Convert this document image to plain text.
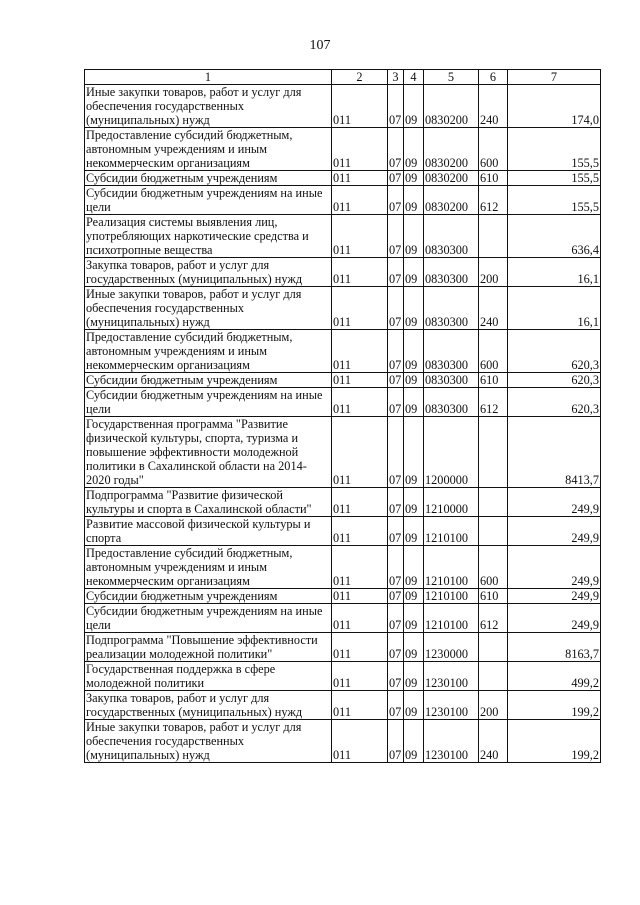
107
1	2	3	4	5	6	7
Иные закупки товаров, работ и услуг для обеспечения государственных (муниципальных) нужд	011	07	09	0830200	240	174,0
Предоставление субсидий бюджетным, автономным учреждениям и иным некоммерческим организациям	011	07	09	0830200	600	155,5
Субсидии бюджетным учреждениям	011	07	09	0830200	610	155,5
Субсидии бюджетным учреждениям на иные цели	011	07	09	0830200	612	155,5
Реализация системы выявления лиц, употребляющих наркотические средства и психотропные вещества	011	07	09	0830300		636,4
Закупка товаров, работ и услуг для государственных (муниципальных) нужд	011	07	09	0830300	200	16,1
Иные закупки товаров, работ и услуг для обеспечения государственных (муниципальных) нужд	011	07	09	0830300	240	16,1
Предоставление субсидий бюджетным, автономным учреждениям и иным некоммерческим организациям	011	07	09	0830300	600	620,3
Субсидии бюджетным учреждениям	011	07	09	0830300	610	620,3
Субсидии бюджетным учреждениям на иные цели	011	07	09	0830300	612	620,3
Государственная программа "Развитие физической культуры, спорта, туризма и повышение эффективности молодежной политики в Сахалинской области на 2014-2020 годы"	011	07	09	1200000		8413,7
Подпрограмма "Развитие физической культуры и спорта в Сахалинской области"	011	07	09	1210000		249,9
Развитие массовой физической культуры и спорта	011	07	09	1210100		249,9
Предоставление субсидий бюджетным, автономным учреждениям и иным некоммерческим организациям	011	07	09	1210100	600	249,9
Субсидии бюджетным учреждениям	011	07	09	1210100	610	249,9
Субсидии бюджетным учреждениям на иные цели	011	07	09	1210100	612	249,9
Подпрограмма "Повышение эффективности реализации молодежной политики"	011	07	09	1230000		8163,7
Государственная поддержка в сфере молодежной политики	011	07	09	1230100		499,2
Закупка товаров, работ и услуг для государственных (муниципальных) нужд	011	07	09	1230100	200	199,2
Иные закупки товаров, работ и услуг для обеспечения государственных (муниципальных) нужд	011	07	09	1230100	240	199,2
